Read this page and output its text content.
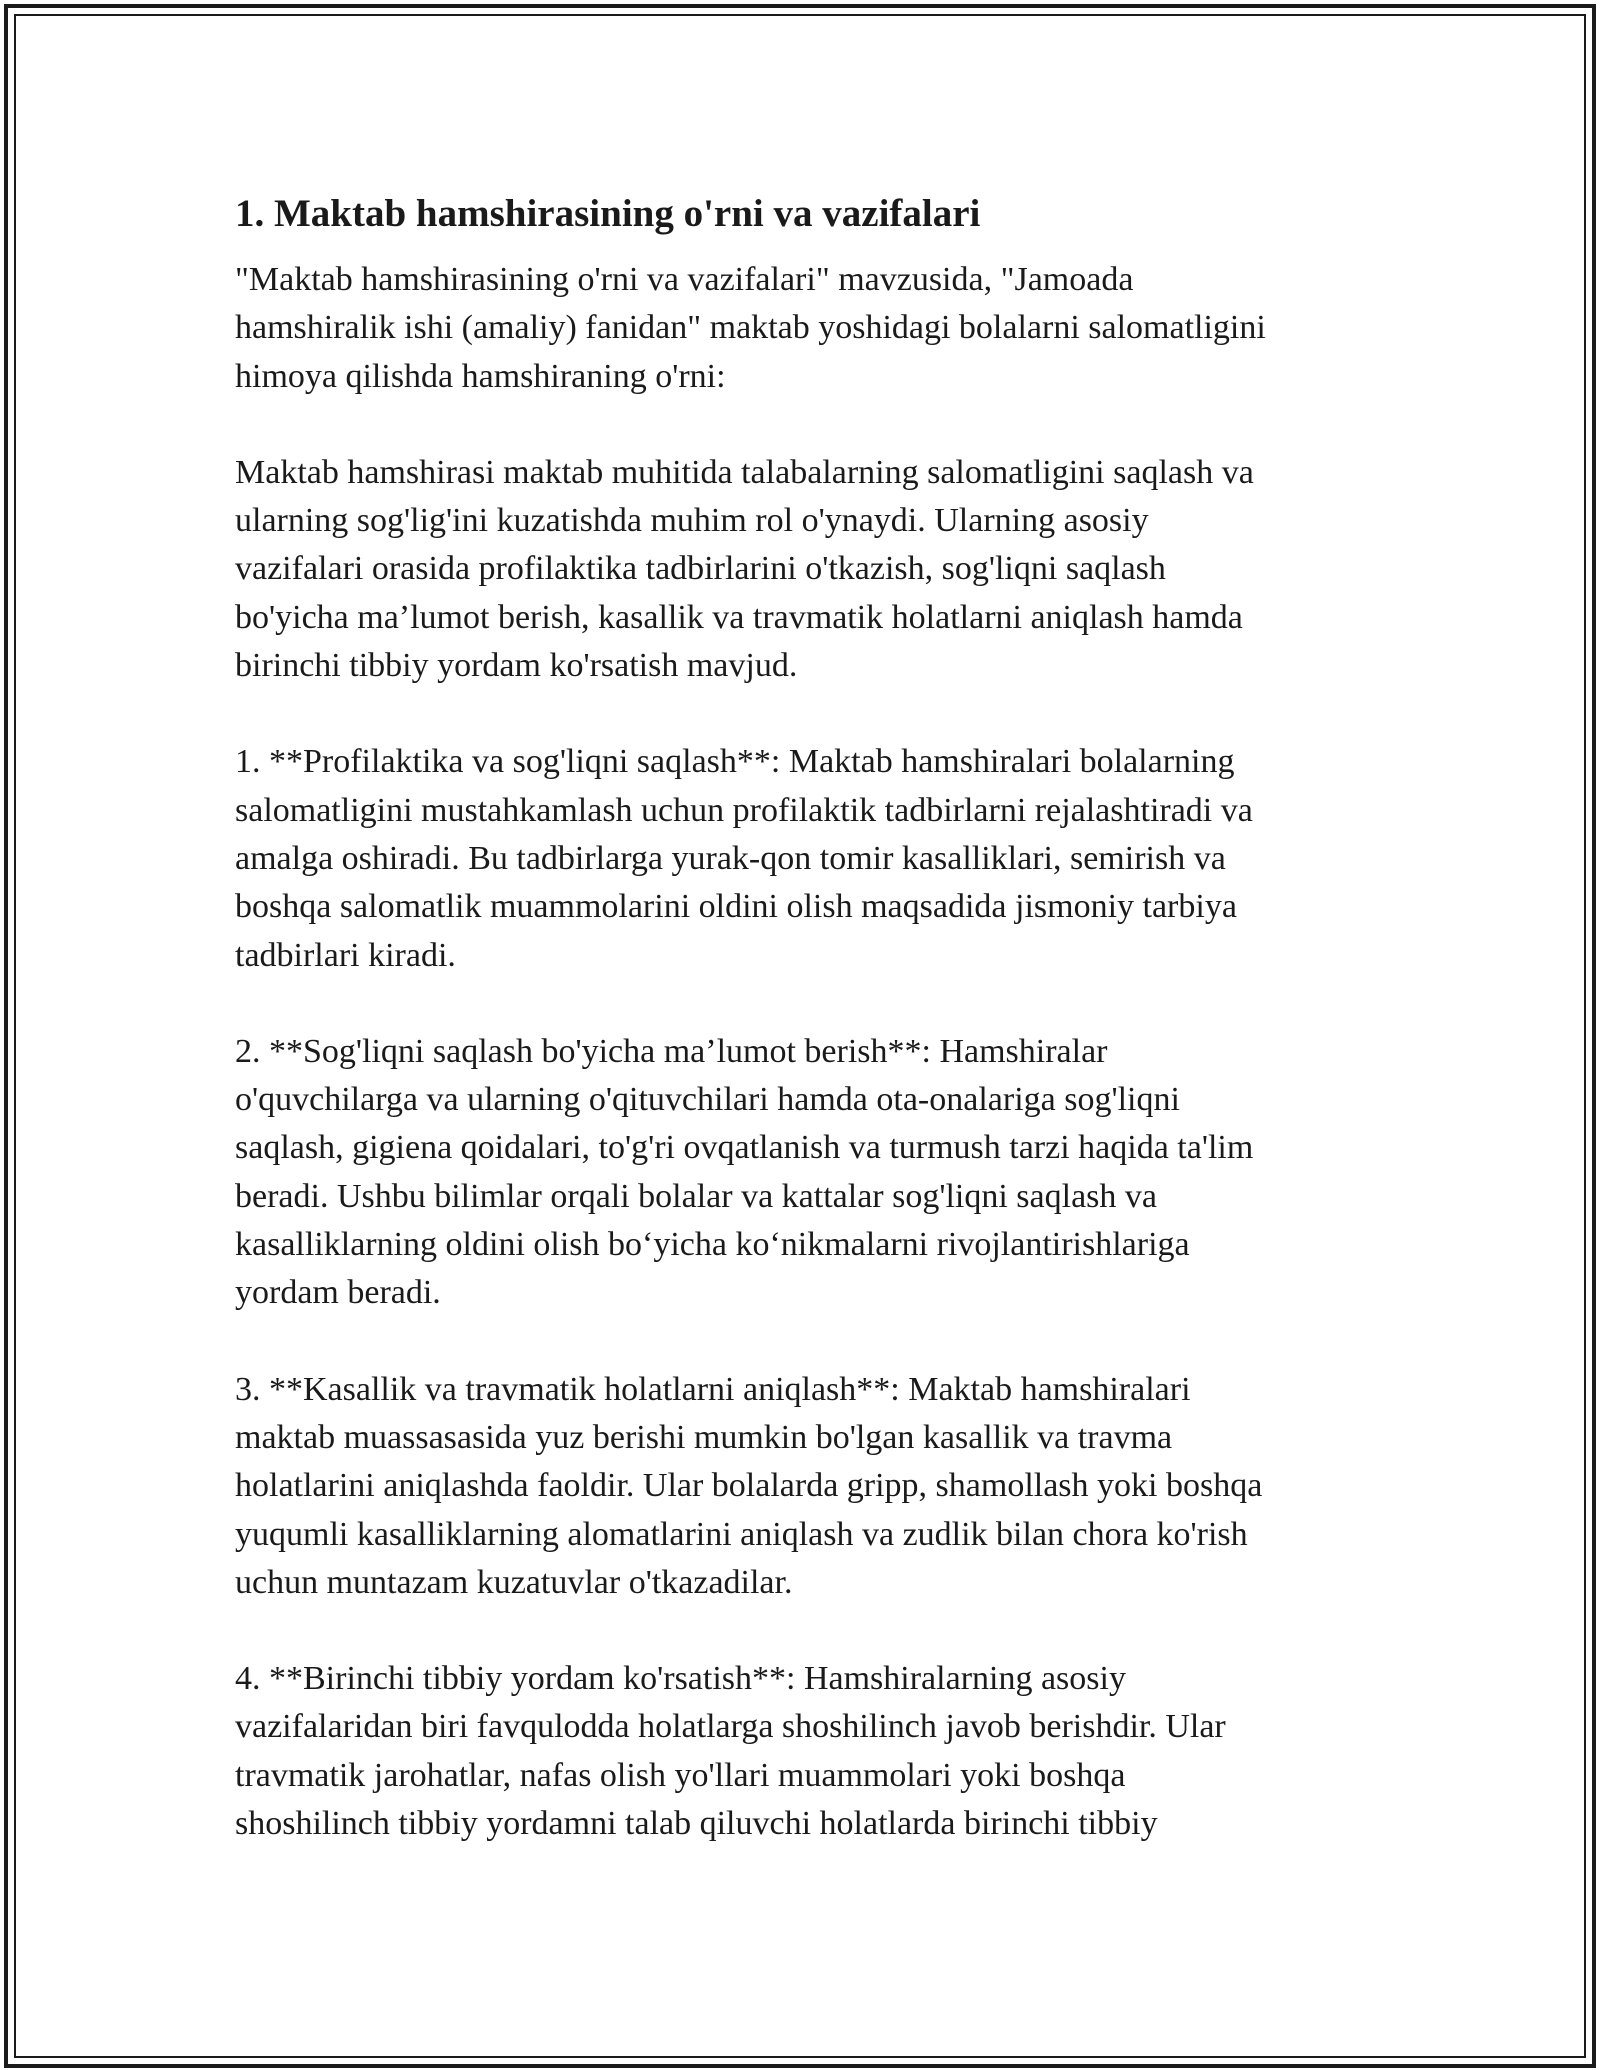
1. Maktab hamshirasining o'rni va vazifalari
"Maktab hamshirasining o'rni va vazifalari" mavzusida, "Jamoada
hamshiralik ishi (amaliy) fanidan" maktab yoshidagi bolalarni salomatligini
himoya qilishda hamshiraning o'rni:
Maktab hamshirasi maktab muhitida talabalarning salomatligini saqlash va
ularning sog'lig'ini kuzatishda muhim rol o'ynaydi. Ularning asosiy
vazifalari orasida profilaktika tadbirlarini o'tkazish, sog'liqni saqlash
bo'yicha ma’lumot berish, kasallik va travmatik holatlarni aniqlash hamda
birinchi tibbiy yordam ko'rsatish mavjud.
1. **Profilaktika va sog'liqni saqlash**: Maktab hamshiralari bolalarning
salomatligini mustahkamlash uchun profilaktik tadbirlarni rejalashtiradi va
amalga oshiradi. Bu tadbirlarga yurak-qon tomir kasalliklari, semirish va
boshqa salomatlik muammolarini oldini olish maqsadida jismoniy tarbiya
tadbirlari kiradi.
2. **Sog'liqni saqlash bo'yicha ma’lumot berish**: Hamshiralar
o'quvchilarga va ularning o'qituvchilari hamda ota-onalariga sog'liqni
saqlash, gigiena qoidalari, to'g'ri ovqatlanish va turmush tarzi haqida ta'lim
beradi. Ushbu bilimlar orqali bolalar va kattalar sog'liqni saqlash va
kasalliklarning oldini olish bo‘yicha ko‘nikmalarni rivojlantirishlariga
yordam beradi.
3. **Kasallik va travmatik holatlarni aniqlash**: Maktab hamshiralari
maktab muassasasida yuz berishi mumkin bo'lgan kasallik va travma
holatlarini aniqlashda faoldir. Ular bolalarda gripp, shamollash yoki boshqa
yuqumli kasalliklarning alomatlarini aniqlash va zudlik bilan chora ko'rish
uchun muntazam kuzatuvlar o'tkazadilar.
4. **Birinchi tibbiy yordam ko'rsatish**: Hamshiralarning asosiy
vazifalaridan biri favqulodda holatlarga shoshilinch javob berishdir. Ular
travmatik jarohatlar, nafas olish yo'llari muammolari yoki boshqa
shoshilinch tibbiy yordamni talab qiluvchi holatlarda birinchi tibbiy
